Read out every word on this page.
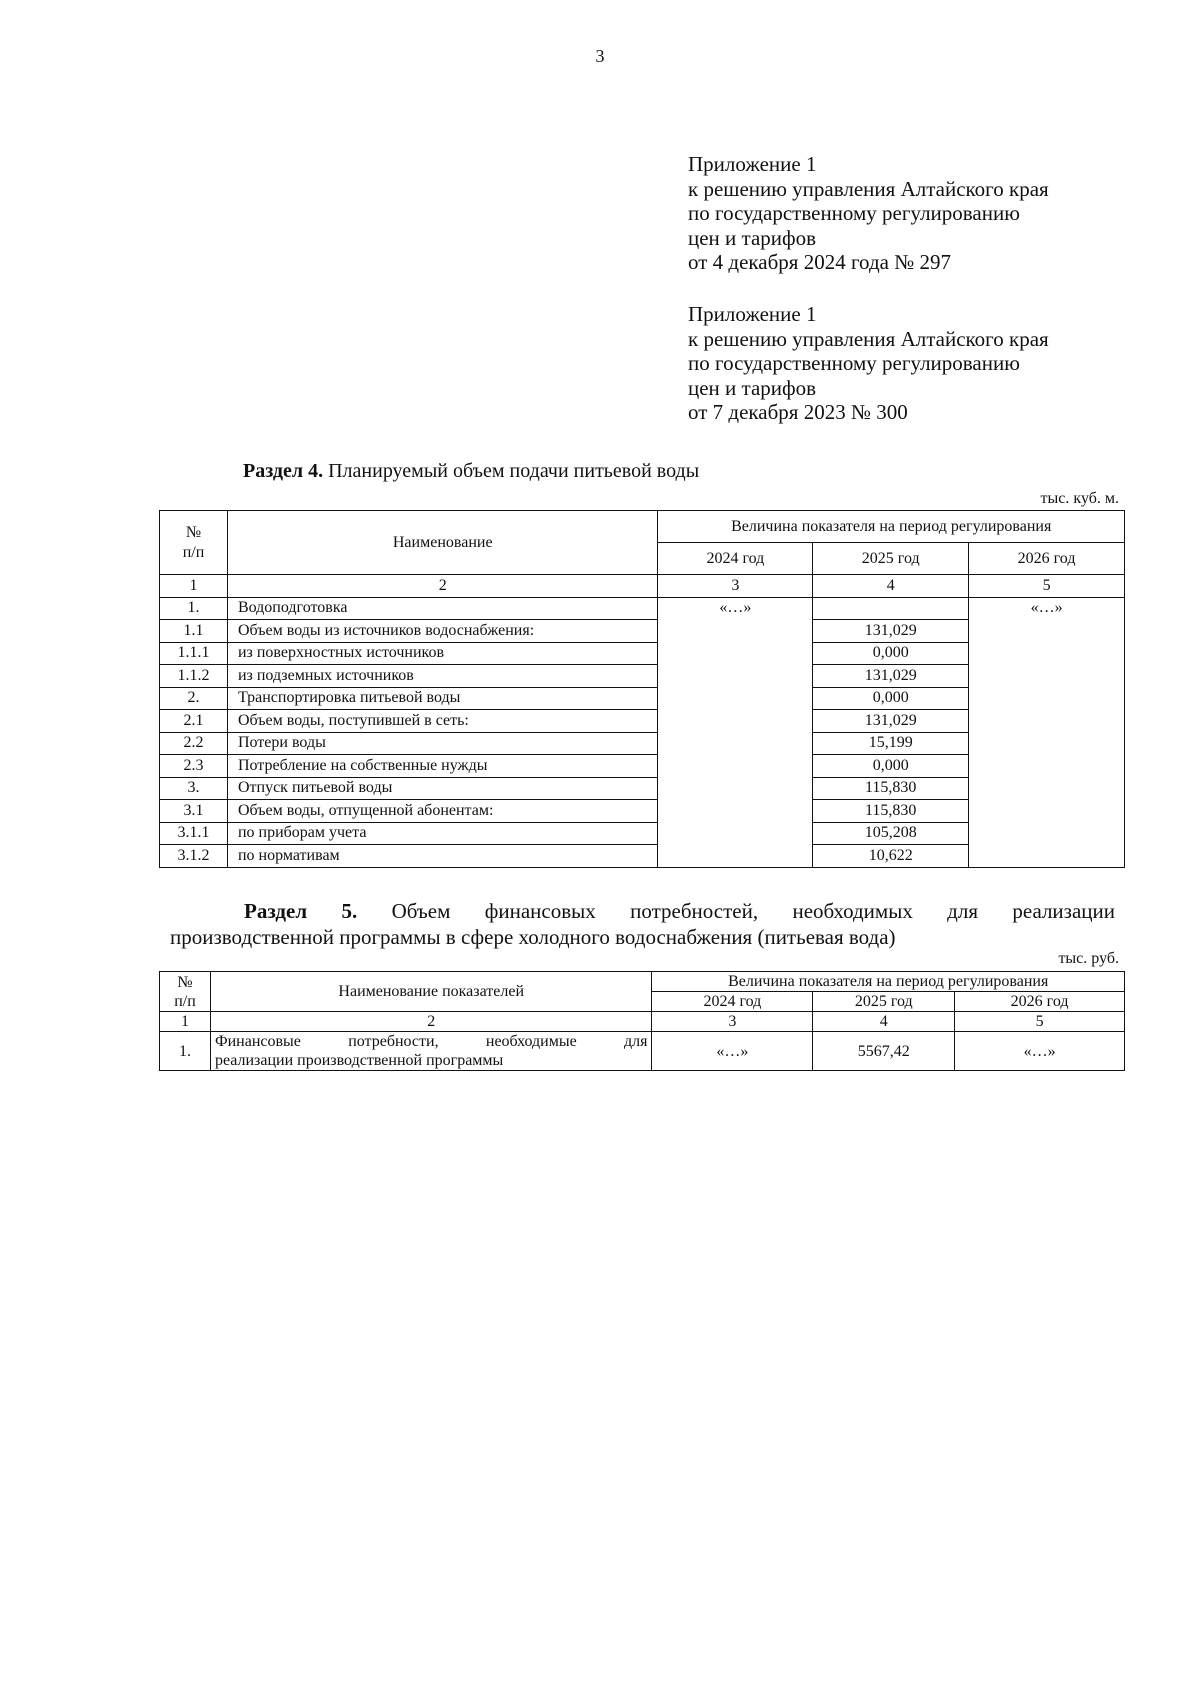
3
Приложение 1
к решению управления Алтайского края
по государственному регулированию
цен и тарифов
от 4 декабря 2024 года № 297
Приложение 1
к решению управления Алтайского края
по государственному регулированию
цен и тарифов
от 7 декабря 2023 № 300
Раздел 4. Планируемый объем подачи питьевой воды
тыс. куб. м.
№
п/п	Наименование	Величина показателя на период регулирования		
		2024 год	2025 год	2026 год
1	2	3	4	5
1.	Водоподготовка	«…»		«…»
1.1	Объем воды из источников водоснабжения:		131,029	
1.1.1	из поверхностных источников		0,000	
1.1.2	из подземных источников		131,029	
2.	Транспортировка питьевой воды		0,000	
2.1	Объем воды, поступившей в сеть:		131,029	
2.2	Потери воды		15,199	
2.3	Потребление на собственные нужды		0,000	
3.	Отпуск питьевой воды		115,830	
3.1	Объем воды, отпущенной абонентам:		115,830	
3.1.1	по приборам учета		105,208	
3.1.2	по нормативам		10,622	
Раздел 5. Объем финансовых потребностей, необходимых для реализации
производственной программы в сфере холодного водоснабжения (питьевая вода)
тыс. руб.
№
п/п	Наименование показателей	Величина показателя на период регулирования		
		2024 год	2025 год	2026 год
1	2	3	4	5
1.	Финансовые потребности, необходимые для
реализации производственной программы	«…»	5567,42	«…»
